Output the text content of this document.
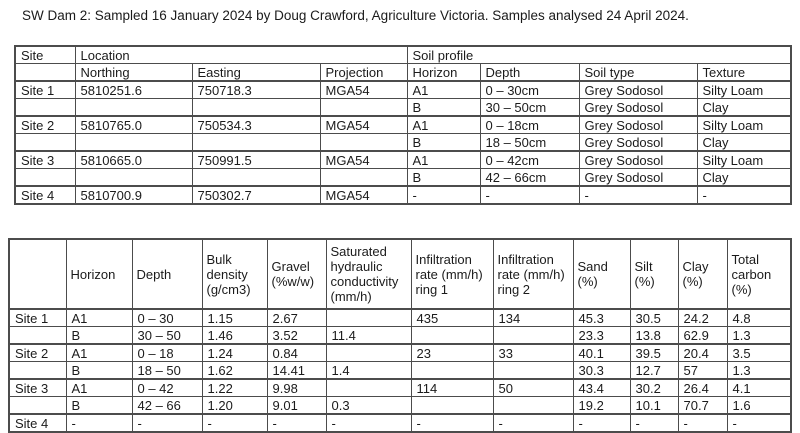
SW Dam 2: Sampled 16 January 2024 by Doug Crawford, Agriculture Victoria. Samples analysed 24 April 2024.
Site	Location			Soil profile			
	Northing	Easting	Projection	Horizon	Depth	Soil type	Texture
Site 1	5810251.6	750718.3	MGA54	A1	0 – 30cm	Grey Sodosol	Silty Loam
				B	30 – 50cm	Grey Sodosol	Clay
Site 2	5810765.0	750534.3	MGA54	A1	0 – 18cm	Grey Sodosol	Silty Loam
				B	18 – 50cm	Grey Sodosol	Clay
Site 3	5810665.0	750991.5	MGA54	A1	0 – 42cm	Grey Sodosol	Silty Loam
				B	42 – 66cm	Grey Sodosol	Clay
Site 4	5810700.9	750302.7	MGA54	-	-	-	-
	Horizon	Depth	Bulk density (g/cm3)	Gravel (%w/w)	Saturated hydraulic conductivity (mm/h)	Infiltration rate (mm/h) ring 1	Infiltration rate (mm/h) ring 2	Sand (%)	Silt (%)	Clay (%)	Total carbon (%)
Site 1	A1	0 – 30	1.15	2.67		435	134	45.3	30.5	24.2	4.8
	B	30 – 50	1.46	3.52	11.4			23.3	13.8	62.9	1.3
Site 2	A1	0 – 18	1.24	0.84		23	33	40.1	39.5	20.4	3.5
	B	18 – 50	1.62	14.41	1.4			30.3	12.7	57	1.3
Site 3	A1	0 – 42	1.22	9.98		114	50	43.4	30.2	26.4	4.1
	B	42 – 66	1.20	9.01	0.3			19.2	10.1	70.7	1.6
Site 4	-	-	-	-	-	-	-	-	-	-	-
